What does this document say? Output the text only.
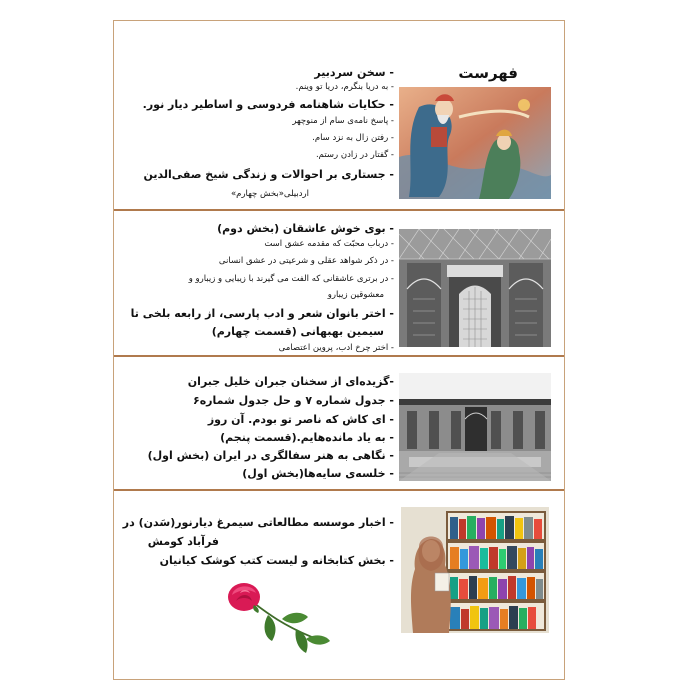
فهرست
- سخن سردبیر
- به دریا بنگرم، دریا تو وینم.
- حکایات شاهنامه فردوسی و اساطیر دیار نور.
- پاسخ نامه‌ی سام از منوچهر
- رفتن زال به نزد سام.
- گفتار در زادن رستم.
- جستاری بر احوالات و زندگی شیخ صفی‌الدین
اردبیلی«بخش چهارم»
- بوی خوش عاشقان (بخش دوم)
- درباب محبّت که مقدمه عشق است
- در ذکر شواهد عقلی و شرعیتی در عشق انسانی
- در برتری عاشقانی که الفت می گیرند با زیبایی و زیبارو و
معشوقین زیبارو
- اختر بانوان شعر و ادب پارسی، از رابعه بلخی تا
سیمین بهبهانی (قسمت چهارم)
- اختر چرخ ادب، پروین اعتصامی
-گزیده‌ای از سخنان جبران خلیل جبران
- جدول شماره ۷ و حل جدول شماره۶
- ای کاش که ناصر تو بودم. آن روز
- به یاد مانده‌هایم.(قسمت پنجم)
- نگاهی به هنر سفالگری در ایران (بخش اول)
- خلسه‌ی سایه‌ها(بخش اول)
- اخبار موسسه مطالعاتی سیمرغ دیارنور(سَدن) در
فرآباد کومش
- بخش کتابخانه و لیست کتب کوشک کیانیان
